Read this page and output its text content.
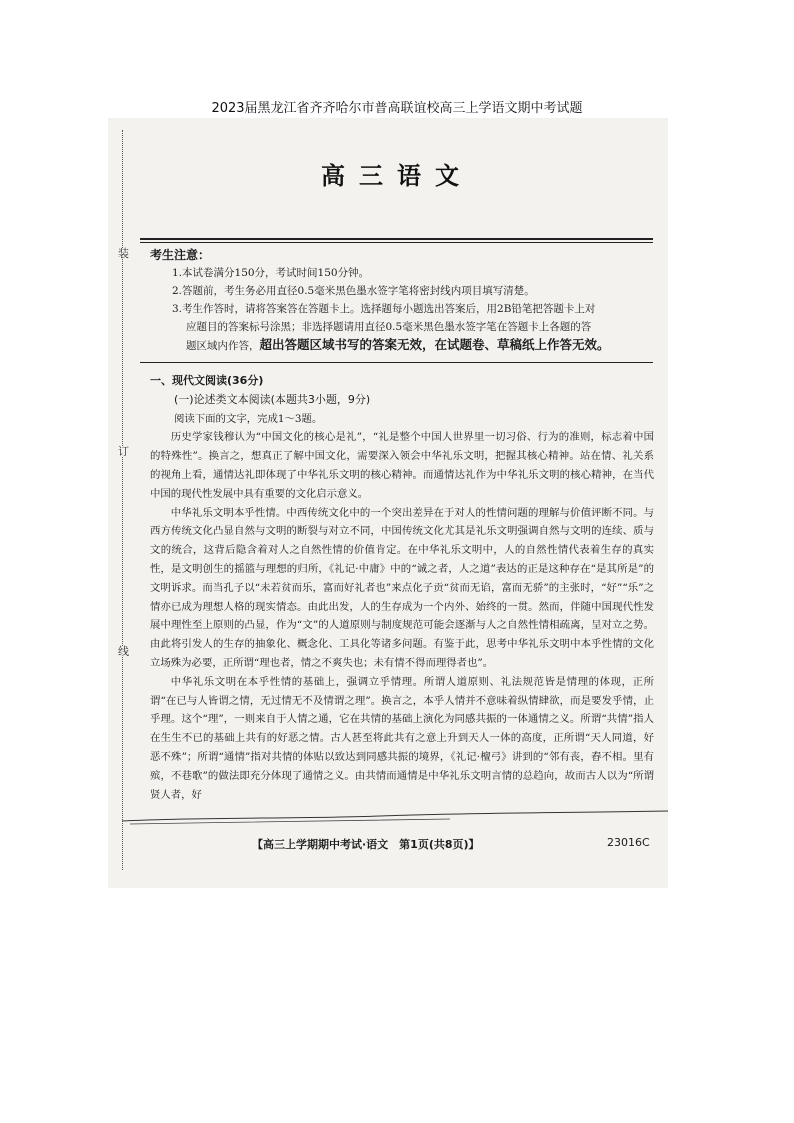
2023届黑龙江省齐齐哈尔市普高联谊校高三上学语文期中考试题
装
订
线
高三语文
考生注意：
1.本试卷满分150分，考试时间150分钟。
2.答题前，考生务必用直径0.5毫米黑色墨水签字笔将密封线内项目填写清楚。
3.考生作答时，请将答案答在答题卡上。选择题每小题选出答案后，用2B铅笔把答题卡上对
应题目的答案标号涂黑；非选择题请用直径0.5毫米黑色墨水签字笔在答题卡上各题的答
题区域内作答，超出答题区域书写的答案无效，在试题卷、草稿纸上作答无效。
一、现代文阅读(36分)
(一)论述类文本阅读(本题共3小题，9分)
阅读下面的文字，完成1～3题。

历史学家钱穆认为“中国文化的核心是礼”，“礼是整个中国人世界里一切习俗、行为的准则，标志着中国的特殊性”。换言之，想真正了解中国文化，需要深入领会中华礼乐文明，把握其核心精神。站在情、礼关系的视角上看，通情达礼即体现了中华礼乐文明的核心精神。而通情达礼作为中华礼乐文明的核心精神，在当代中国的现代性发展中具有重要的文化启示意义。

中华礼乐文明本乎性情。中西传统文化中的一个突出差异在于对人的性情问题的理解与价值评断不同。与西方传统文化凸显自然与文明的断裂与对立不同，中国传统文化尤其是礼乐文明强调自然与文明的连续、质与文的统合，这背后隐含着对人之自然性情的价值肯定。在中华礼乐文明中，人的自然性情代表着生存的真实性，是文明创生的摇篮与理想的归所，《礼记·中庸》中的“诚之者，人之道”表达的正是这种存在“是其所是”的文明诉求。而当孔子以“未若贫而乐，富而好礼者也”来点化子贡“贫而无谄，富而无骄”的主张时，“好”“乐”之情亦已成为理想人格的现实情态。由此出发，人的生存成为一个内外、始终的一贯。然而，伴随中国现代性发展中理性至上原则的凸显，作为“文”的人道原则与制度规范可能会逐渐与人之自然性情相疏离，呈对立之势。由此将引发人的生存的抽象化、概念化、工具化等诸多问题。有鉴于此，思考中华礼乐文明中本乎性情的文化立场殊为必要，正所谓“理也者，情之不爽失也；未有情不得而理得者也”。

中华礼乐文明在本乎性情的基础上，强调立乎情理。所谓人道原则、礼法规范皆是情理的体现，正所谓“在已与人皆谓之情，无过情无不及情谓之理”。换言之，本乎人情并不意味着纵情肆欲，而是要发乎情，止乎理。这个“理”，一则来自于人情之通，它在共情的基础上演化为同感共振的一体通情之义。所谓“共情”指人在生生不已的基础上共有的好恶之情。古人甚至将此共有之意上升到天人一体的高度，正所谓“天人同道，好恶不殊”；所谓“通情”指对共情的体贴以致达到同感共振的境界，《礼记·檀弓》讲到的“邻有丧，舂不相。里有殡，不巷歌”的做法即充分体现了通情之义。由共情而通情是中华礼乐文明言情的总趋向，故而古人以为“所谓贤人者，好

【高三上学期期中考试·语文　第1页(共8页)】	23016C
